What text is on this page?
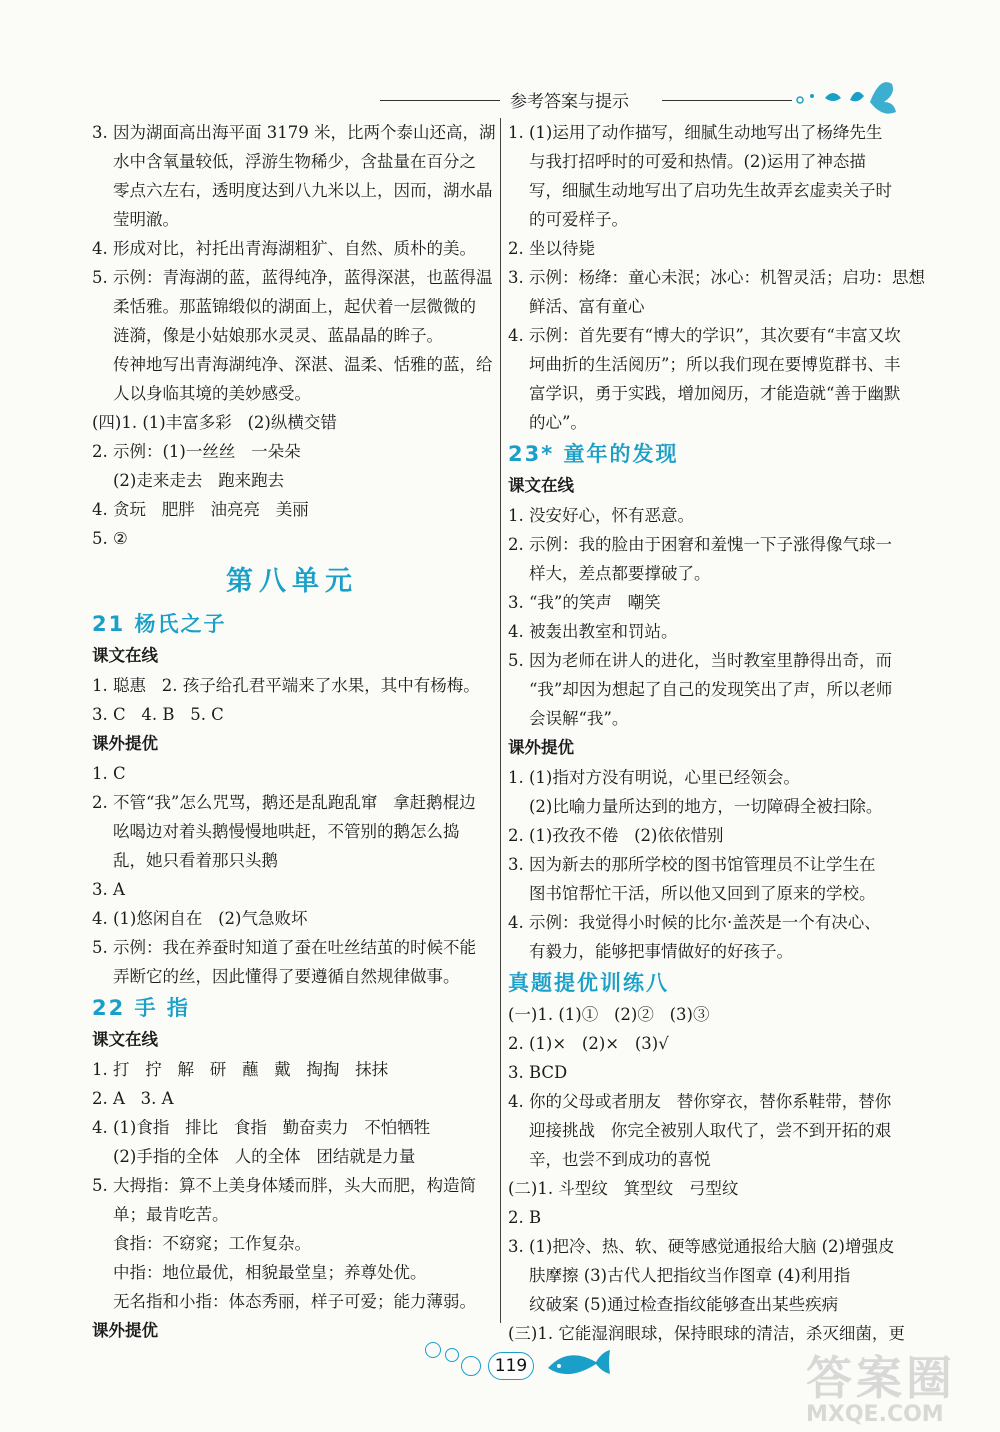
参考答案与提示
3. 因为湖面高出海平面 3179 米，比两个泰山还高，湖
水中含氧量较低，浮游生物稀少，含盐量在百分之
零点六左右，透明度达到八九米以上，因而，湖水晶
莹明澈。
4. 形成对比，衬托出青海湖粗犷、自然、质朴的美。
5. 示例：青海湖的蓝，蓝得纯净，蓝得深湛，也蓝得温
柔恬雅。那蓝锦缎似的湖面上，起伏着一层微微的
涟漪，像是小姑娘那水灵灵、蓝晶晶的眸子。
传神地写出青海湖纯净、深湛、温柔、恬雅的蓝，给
人以身临其境的美妙感受。
(四)1. (1)丰富多彩   (2)纵横交错
2. 示例：(1)一丝丝   一朵朵
(2)走来走去   跑来跑去
4. 贪玩   肥胖   油亮亮   美丽
5. ②
第八单元
21 杨氏之子
课文在线
1. 聪惠   2. 孩子给孔君平端来了水果，其中有杨梅。
3. C   4. B   5. C
课外提优
1. C
2. 不管“我”怎么咒骂，鹅还是乱跑乱窜   拿赶鹅棍边
吆喝边对着头鹅慢慢地哄赶，不管别的鹅怎么捣
乱，她只看着那只头鹅
3. A
4. (1)悠闲自在   (2)气急败坏
5. 示例：我在养蚕时知道了蚕在吐丝结茧的时候不能
弄断它的丝，因此懂得了要遵循自然规律做事。
22 手 指
课文在线
1. 打   拧   解   研   蘸   戴   掏掏   抹抹
2. A   3. A
4. (1)食指   排比   食指   勤奋卖力   不怕牺牲
(2)手指的全体   人的全体   团结就是力量
5. 大拇指：算不上美身体矮而胖，头大而肥，构造简
单；最肯吃苦。
食指：不窈窕；工作复杂。
中指：地位最优，相貌最堂皇；养尊处优。
无名指和小指：体态秀丽，样子可爱；能力薄弱。
课外提优
1. (1)运用了动作描写，细腻生动地写出了杨绛先生
与我打招呼时的可爱和热情。(2)运用了神态描
写，细腻生动地写出了启功先生故弄玄虚卖关子时
的可爱样子。
2. 坐以待毙
3. 示例：杨绛：童心未泯；冰心：机智灵活；启功：思想
鲜活、富有童心
4. 示例：首先要有“博大的学识”，其次要有“丰富又坎
坷曲折的生活阅历”；所以我们现在要博览群书、丰
富学识，勇于实践，增加阅历，才能造就“善于幽默
的心”。
23* 童年的发现
课文在线
1. 没安好心，怀有恶意。
2. 示例：我的脸由于困窘和羞愧一下子涨得像气球一
样大，差点都要撑破了。
3. “我”的笑声   嘲笑
4. 被轰出教室和罚站。
5. 因为老师在讲人的进化，当时教室里静得出奇，而
“我”却因为想起了自己的发现笑出了声，所以老师
会误解“我”。
课外提优
1. (1)指对方没有明说，心里已经领会。
(2)比喻力量所达到的地方，一切障碍全被扫除。
2. (1)孜孜不倦   (2)依依惜别
3. 因为新去的那所学校的图书馆管理员不让学生在
图书馆帮忙干活，所以他又回到了原来的学校。
4. 示例：我觉得小时候的比尔·盖茨是一个有决心、
有毅力，能够把事情做好的好孩子。
真题提优训练八
(一)1. (1)①   (2)②   (3)③
2. (1)×   (2)×   (3)√
3. BCD
4. 你的父母或者朋友   替你穿衣，替你系鞋带，替你
迎接挑战   你完全被别人取代了，尝不到开拓的艰
辛，也尝不到成功的喜悦
(二)1. 斗型纹   箕型纹   弓型纹
2. B
3. (1)把冷、热、软、硬等感觉通报给大脑 (2)增强皮
肤摩擦 (3)古代人把指纹当作图章 (4)利用指
纹破案 (5)通过检查指纹能够查出某些疾病
(三)1. 它能湿润眼球，保持眼球的清洁，杀灭细菌，更
119	答案圈
MXQE.COM
